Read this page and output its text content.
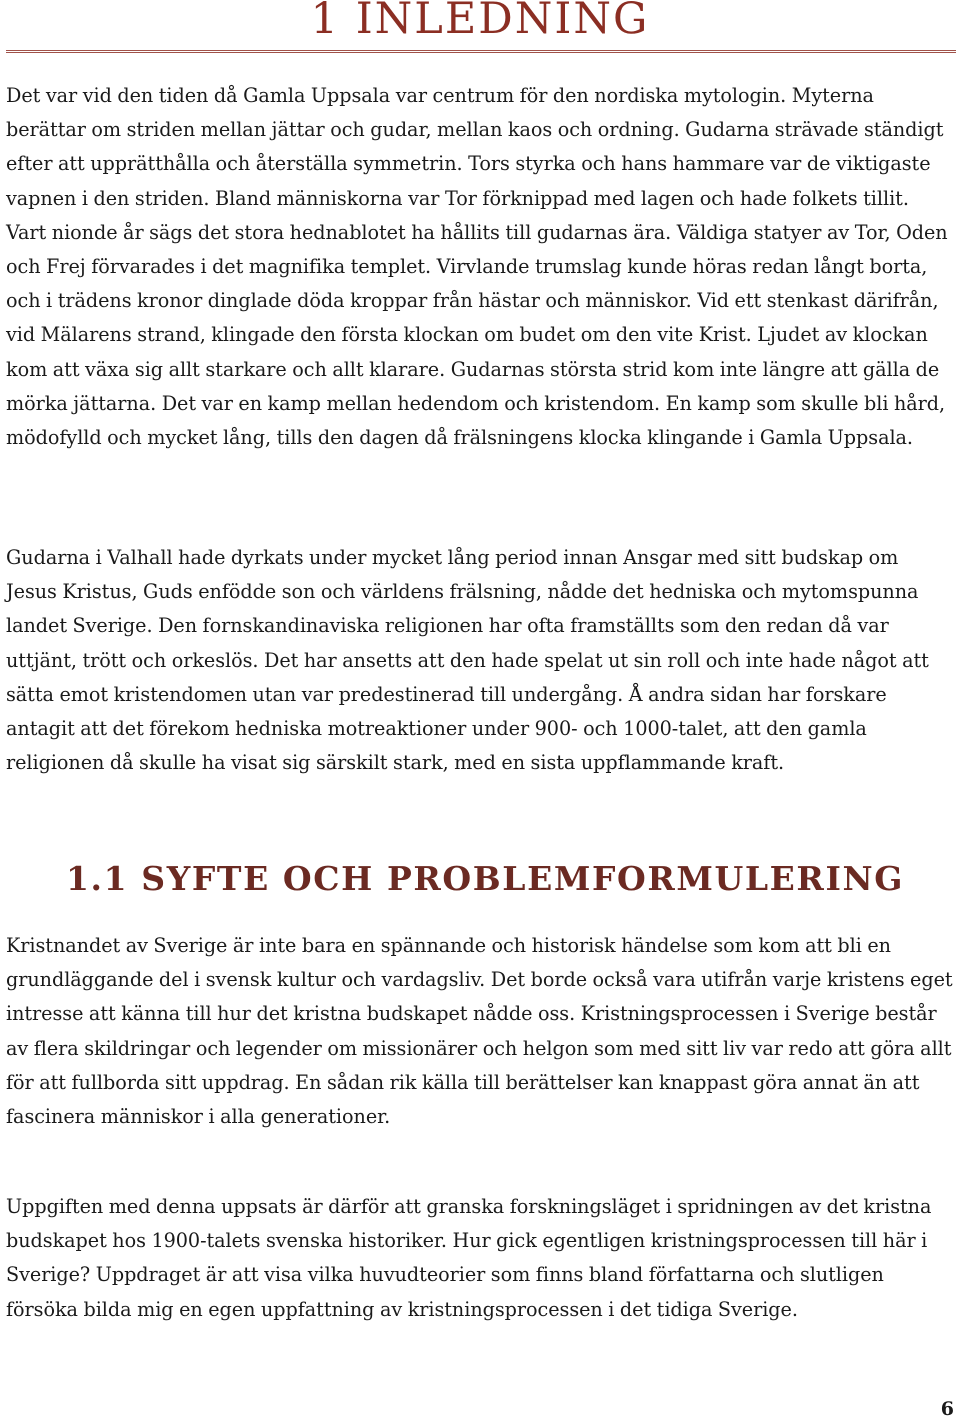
1 INLEDNING

Det var vid den tiden då Gamla Uppsala var centrum för den nordiska mytologin. Myterna berättar om striden mellan jättar och gudar, mellan kaos och ordning. Gudarna strävade ständigt efter att upprätthålla och återställa symmetrin. Tors styrka och hans hammare var de viktigaste vapnen i den striden. Bland människorna var Tor förknippad med lagen och hade folkets tillit. Vart nionde år sägs det stora hednablotet ha hållits till gudarnas ära. Väldiga statyer av Tor, Oden och Frej förvarades i det magnifika templet. Virvlande trumslag kunde höras redan långt borta, och i trädens kronor dinglade döda kroppar från hästar och människor. Vid ett stenkast därifrån, vid Mälarens strand, klingade den första klockan om budet om den vite Krist. Ljudet av klockan kom att växa sig allt starkare och allt klarare. Gudarnas största strid kom inte längre att gälla de mörka jättarna. Det var en kamp mellan hedendom och kristendom. En kamp som skulle bli hård, mödofylld och mycket lång, tills den dagen då frälsningens klocka klingande i Gamla Uppsala.

Gudarna i Valhall hade dyrkats under mycket lång period innan Ansgar med sitt budskap om Jesus Kristus, Guds enfödde son och världens frälsning, nådde det hedniska och mytomspunna landet Sverige. Den fornskandinaviska religionen har ofta framställts som den redan då var uttjänt, trött och orkeslös. Det har ansetts att den hade spelat ut sin roll och inte hade något att sätta emot kristendomen utan var predestinerad till undergång. Å andra sidan har forskare antagit att det förekom hedniska motreaktioner under 900- och 1000-talet, att den gamla religionen då skulle ha visat sig särskilt stark, med en sista uppflammande kraft.

1.1 SYFTE OCH PROBLEMFORMULERING

Kristnandet av Sverige är inte bara en spännande och historisk händelse som kom att bli en grundläggande del i svensk kultur och vardagsliv. Det borde också vara utifrån varje kristens eget intresse att känna till hur det kristna budskapet nådde oss. Kristningsprocessen i Sverige består av flera skildringar och legender om missionärer och helgon som med sitt liv var redo att göra allt för att fullborda sitt uppdrag. En sådan rik källa till berättelser kan knappast göra annat än att fascinera människor i alla generationer.

Uppgiften med denna uppsats är därför att granska forskningsläget i spridningen av det kristna budskapet hos 1900-talets svenska historiker. Hur gick egentligen kristningsprocessen till här i Sverige? Uppdraget är att visa vilka huvudteorier som finns bland författarna och slutligen försöka bilda mig en egen uppfattning av kristningsprocessen i det tidiga Sverige.

6
